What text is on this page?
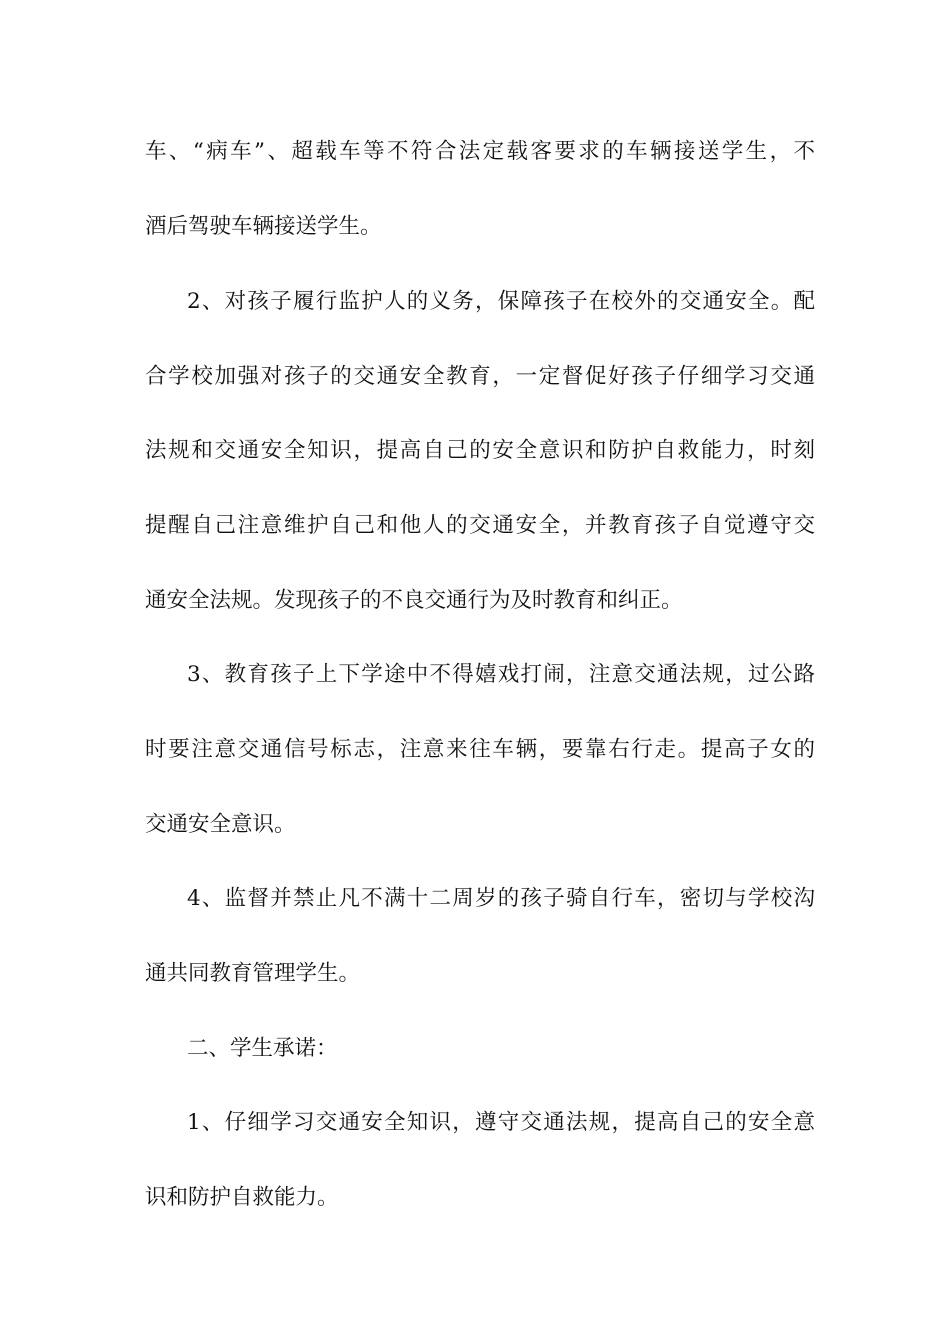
车、“病车”、超载车等不符合法定载客要求的车辆接送学生，不
酒后驾驶车辆接送学生。
2、对孩子履行监护人的义务，保障孩子在校外的交通安全。配
合学校加强对孩子的交通安全教育，一定督促好孩子仔细学习交通
法规和交通安全知识，提高自己的安全意识和防护自救能力，时刻
提醒自己注意维护自己和他人的交通安全，并教育孩子自觉遵守交
通安全法规。发现孩子的不良交通行为及时教育和纠正。
3、教育孩子上下学途中不得嬉戏打闹，注意交通法规，过公路
时要注意交通信号标志，注意来往车辆，要靠右行走。提高子女的
交通安全意识。
4、监督并禁止凡不满十二周岁的孩子骑自行车，密切与学校沟
通共同教育管理学生。
二、学生承诺：
1、仔细学习交通安全知识，遵守交通法规，提高自己的安全意
识和防护自救能力。
